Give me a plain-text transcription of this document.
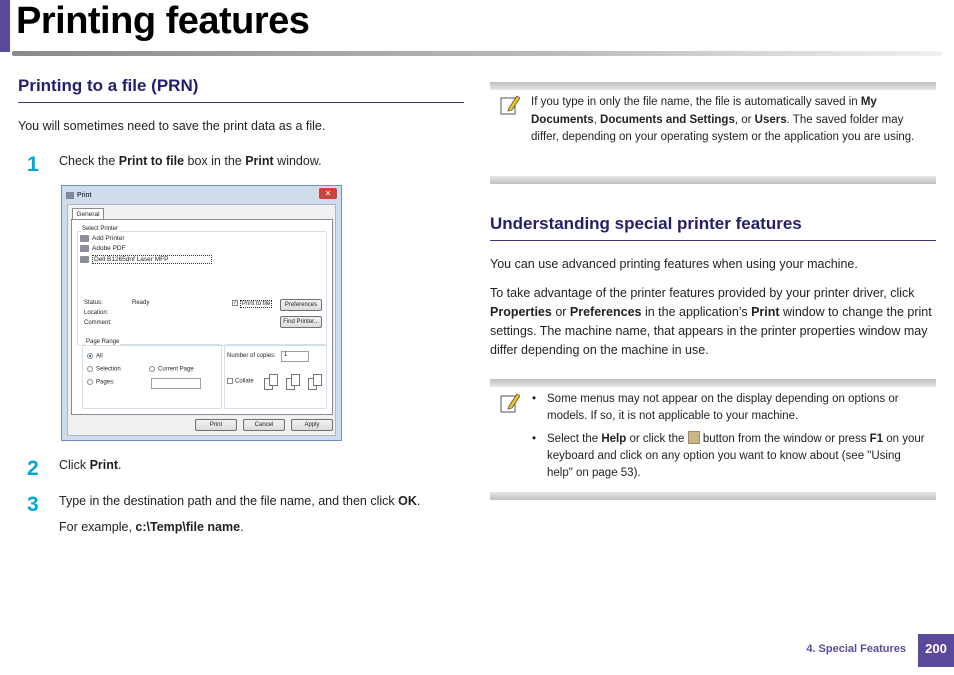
Printing features
Printing to a file (PRN)
You will sometimes need to save the print data as a file.
1 Check the Print to file box in the Print window.
Print	✕
General
Select Printer
Add Printer
Adobe PDF
Dell B1265dnf Laser MFP
Status:	Ready
Location:
Comment:
✓ Print to file	Preferences
Find Printer...
Page Range
All
Selection	Current Page
Pages:
Number of copies:	1
Collate
Print	Cancel	Apply
2 Click Print.
3 Type in the destination path and the file name, and then click OK.
For example, c:\Temp\file name.
If you type in only the file name, the file is automatically saved in My Documents, Documents and Settings, or Users. The saved folder may differ, depending on your operating system or the application you are using.
Understanding special printer features
You can use advanced printing features when using your machine.
To take advantage of the printer features provided by your printer driver, click Properties or Preferences in the application’s Print window to change the print settings. The machine name, that appears in the printer properties window may differ depending on the machine in use.
• Some menus may not appear on the display depending on options or models. If so, it is not applicable to your machine.
• Select the Help or click the  button from the window or press F1 on your keyboard and click on any option you want to know about (see "Using help" on page 53).
4. Special Features	200
